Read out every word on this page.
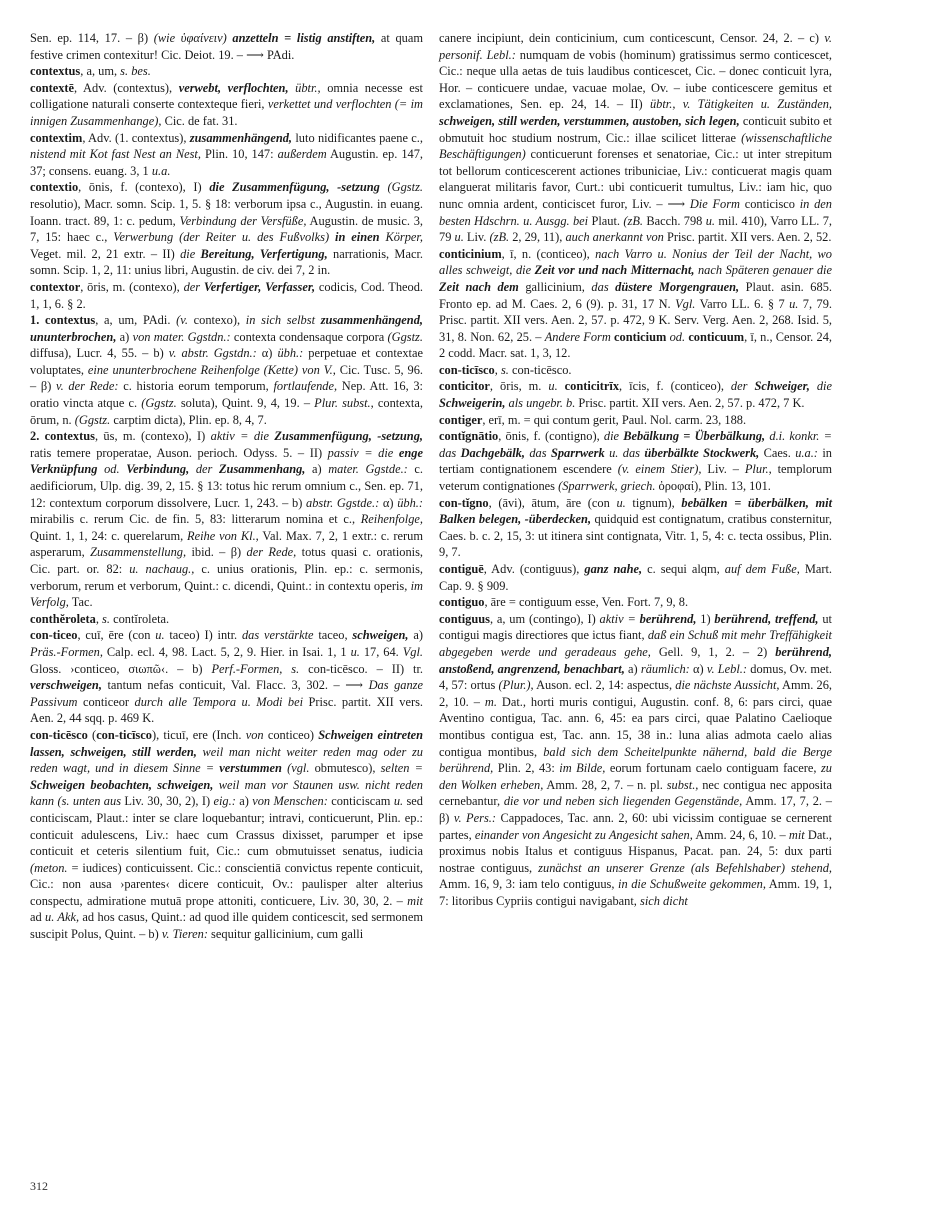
Sen. ep. 114, 17. – β) (wie ὑφαίνειν) anzetteln = listig anstiften, at quam festive crimen contexitur! Cic. Deiot. 19. – ⟶ PAdi.

contextus, a, um, s. bes.

contextē, Adv. (contextus), verwebt, verflochten, übtr., omnia necesse est colligatione naturali conserte contexteque fieri, verkettet und verflochten (= im innigen Zusammenhange), Cic. de fat. 31.

contextim, Adv. (1. contextus), zusammenhängend, luto nidificantes paene c., nistend mit Kot fast Nest an Nest, Plin. 10, 147: außerdem Augustin. ep. 147, 37; consens. euang. 3, 1 u.a.

contextio, ōnis, f. (contexo), I) die Zusammenfügung, -setzung (Ggstz. resolutio), Macr. somn. Scip. 1, 5. § 18: verborum ipsa c., Augustin. in euang. Ioann. tract. 89, 1: c. pedum, Verbindung der Versfüße, Augustin. de music. 3, 7, 15: haec c., Verwerbung (der Reiter u. des Fußvolks) in einen Körper, Veget. mil. 2, 21 extr. – II) die Bereitung, Verfertigung, narrationis, Macr. somn. Scip. 1, 2, 11: unius libri, Augustin. de civ. dei 7, 2 in.

contextor, ōris, m. (contexo), der Verfertiger, Verfasser, codicis, Cod. Theod. 1, 1, 6. § 2.

1. contextus, a, um, PAdi. (v. contexo), in sich selbst zusammenhängend, ununterbrochen, a) von mater. Ggstdn.: contexta condensaque corpora (Ggstz. diffusa), Lucr. 4, 55. – b) v. abstr. Ggstdn.: α) übh.: perpetuae et contextae voluptates, eine ununterbrochene Reihenfolge (Kette) von V., Cic. Tusc. 5, 96. – β) v. der Rede: c. historia eorum temporum, fortlaufende, Nep. Att. 16, 3: oratio vincta atque c. (Ggstz. soluta), Quint. 9, 4, 19. – Plur. subst., contexta, ōrum, n. (Ggstz. carptim dicta), Plin. ep. 8, 4, 7.

2. contextus, ūs, m. (contexo), I) aktiv = die Zusammenfügung, -setzung, ratis temere properatae, Auson. perioch. Odyss. 5. – II) passiv = die enge Verknüpfung od. Verbindung, der Zusammenhang, a) mater. Ggstde.: c. aedificiorum, Ulp. dig. 39, 2, 15. § 13: totus hic rerum omnium c., Sen. ep. 71, 12: contextum corporum dissolvere, Lucr. 1, 243. – b) abstr. Ggstde.: α) übh.: mirabilis c. rerum Cic. de fin. 5, 83: litterarum nomina et c., Reihenfolge, Quint. 1, 1, 24: c. querelarum, Reihe von Kl., Val. Max. 7, 2, 1 extr.: c. rerum asperarum, Zusammenstellung, ibid. – β) der Rede, totus quasi c. orationis, Cic. part. or. 82: u. nachaug., c. unius orationis, Plin. ep.: c. sermonis, verborum, rerum et verborum, Quint.: c. dicendi, Quint.: in contextu operis, im Verfolg, Tac.

conthĕroleta, s. contĭroleta.

con-ticeo, cuī, ēre (con u. taceo) I) intr. das verstärkte taceo, schweigen, a) Präs.-Formen, Calp. ecl. 4, 98. Lact. 5, 2, 9. Hier. in Isai. 1, 1 u. 17, 64. Vgl. Gloss. ›conticeo, σιωπῶ‹. – b) Perf.-Formen, s. con-ticēsco. – II) tr. verschweigen, tantum nefas conticuit, Val. Flacc. 3, 302. – ⟶ Das ganze Passivum conticeor durch alle Tempora u. Modi bei Prisc. partit. XII vers. Aen. 2, 44 sqq. p. 469 K.

con-ticēsco (con-ticīsco), ticuī, ere (Inch. von conticeo) Schweigen eintreten lassen, schweigen, still werden, weil man nicht weiter reden mag oder zu reden wagt, und in diesem Sinne = verstummen (vgl. obmutesco), selten = Schweigen beobachten, schweigen, weil man vor Staunen usw. nicht reden kann (s. unten aus Liv. 30, 30, 2), I) eig.: a) von Menschen: conticiscam u. sed conticiscam, Plaut.: inter se clare loquebantur; intravi, conticuerunt, Plin. ep.: conticuit adulescens, Liv.: haec cum Crassus dixisset, parumper et ipse conticuit et ceteris silentium fuit, Cic.: cum obmutuisset senatus, iudicia (meton. = iudices) conticuissent. Cic.: conscientiā convictus repente conticuit, Cic.: non ausa ›parentes‹ dicere conticuit, Ov.: paulisper alter alterius conspectu, admiratione mutuā prope attoniti, conticuere, Liv. 30, 30, 2. – mit ad u. Akk, ad hos casus, Quint.: ad quod ille quidem conticescit, sed sermonem suscipit Polus, Quint. – b) v. Tieren: sequitur gallicinium, cum galli

canere incipiunt, dein conticinium, cum conticescunt, Censor. 24, 2. – c) v. personif. Lebl.: numquam de vobis (hominum) gratissimus sermo conticescet, Cic.: neque ulla aetas de tuis laudibus conticescet, Cic. – donec conticuit lyra, Hor. – conticuere undae, vacuae molae, Ov. – iube conticescere gemitus et exclamationes, Sen. ep. 24, 14. – II) übtr., v. Tätigkeiten u. Zuständen, schweigen, still werden, verstummen, austoben, sich legen, conticuit subito et obmutuit hoc studium nostrum, Cic.: illae scilicet litterae (wissenschaftliche Beschäftigungen) conticuerunt forenses et senatoriae, Cic.: ut inter strepitum tot bellorum conticescerent actiones tribuniciae, Liv.: conticuerat magis quam elanguerat militaris favor, Curt.: ubi conticuerit tumultus, Liv.: iam hic, quo nunc omnia ardent, conticiscet furor, Liv. – ⟶ Die Form conticisco in den besten Hdschrn. u. Ausgg. bei Plaut. (zB. Bacch. 798 u. mil. 410), Varro LL. 7, 79 u. Liv. (zB. 2, 29, 11), auch anerkannt von Prisc. partit. XII vers. Aen. 2, 52.

conticinium, ī, n. (conticeo), nach Varro u. Nonius der Teil der Nacht, wo alles schweigt, die Zeit vor und nach Mitternacht, nach Späteren genauer die Zeit nach dem gallicinium, das düstere Morgengrauen, Plaut. asin. 685. Fronto ep. ad M. Caes. 2, 6 (9). p. 31, 17 N. Vgl. Varro LL. 6. § 7 u. 7, 79. Prisc. partit. XII vers. Aen. 2, 57. p. 472, 9 K. Serv. Verg. Aen. 2, 268. Isid. 5, 31, 8. Non. 62, 25. – Andere Form conticium od. conticuum, ī, n., Censor. 24, 2 codd. Macr. sat. 1, 3, 12.

con-ticīsco, s. con-ticēsco.

conticitor, ōris, m. u. conticitrīx, īcis, f. (conticeo), der Schweiger, die Schweigerin, als ungebr. b. Prisc. partit. XII vers. Aen. 2, 57. p. 472, 7 K.

contiger, erī, m. = qui contum gerit, Paul. Nol. carm. 23, 188.

contĭgnātio, ōnis, f. (contigno), die Bebälkung = Überbälkung, d.i. konkr. = das Dachgebälk, das Sparrwerk u. das überbälkte Stockwerk, Caes. u.a.: in tertiam contignationem escendere (v. einem Stier), Liv. – Plur., templorum veterum contignationes (Sparrwerk, griech. ὀροφαί), Plin. 13, 101.

con-tĭgno, (āvi), ātum, āre (con u. tignum), bebälken = überbälken, mit Balken belegen, -überdecken, quidquid est contignatum, cratibus consternitur, Caes. b. c. 2, 15, 3: ut itinera sint contignata, Vitr. 1, 5, 4: c. tecta ossibus, Plin. 9, 7.

contiguē, Adv. (contiguus), ganz nahe, c. sequi alqm, auf dem Fuße, Mart. Cap. 9. § 909.

contiguo, āre = contiguum esse, Ven. Fort. 7, 9, 8.

contiguus, a, um (contingo), I) aktiv = berührend, 1) berührend, treffend, ut contigui magis directiores que ictus fiant, daß ein Schuß mit mehr Treffähigkeit abgegeben werde und geradeaus gehe, Gell. 9, 1, 2. – 2) berührend, anstoßend, angrenzend, benachbart, a) räumlich: α) v. Lebl.: domus, Ov. met. 4, 57: ortus (Plur.), Auson. ecl. 2, 14: aspectus, die nächste Aussicht, Amm. 26, 2, 10. – m. Dat., horti muris contigui, Augustin. conf. 8, 6: pars circi, quae Aventino contigua, Tac. ann. 6, 45: ea pars circi, quae Palatino Caelioque montibus contigua est, Tac. ann. 15, 38 in.: luna alias admota caelo alias contigua montibus, bald sich dem Scheitelpunkte nähernd, bald die Berge berührend, Plin. 2, 43: im Bilde, eorum fortunam caelo contiguam facere, zu den Wolken erheben, Amm. 28, 2, 7. – n. pl. subst., nec contigua nec apposita cernebantur, die vor und neben sich liegenden Gegenstände, Amm. 17, 7, 2. – β) v. Pers.: Cappadoces, Tac. ann. 2, 60: ubi vicissim contiguae se cernerent partes, einander von Angesicht zu Angesicht sahen, Amm. 24, 6, 10. – mit Dat., proximus nobis Italus et contiguus Hispanus, Pacat. pan. 24, 5: dux parti nostrae contiguus, zunächst an unserer Grenze (als Befehlshaber) stehend, Amm. 16, 9, 3: iam telo contiguus, in die Schußweite gekommen, Amm. 19, 1, 7: litoribus Cypriis contigui navigabant, sich dicht

312
